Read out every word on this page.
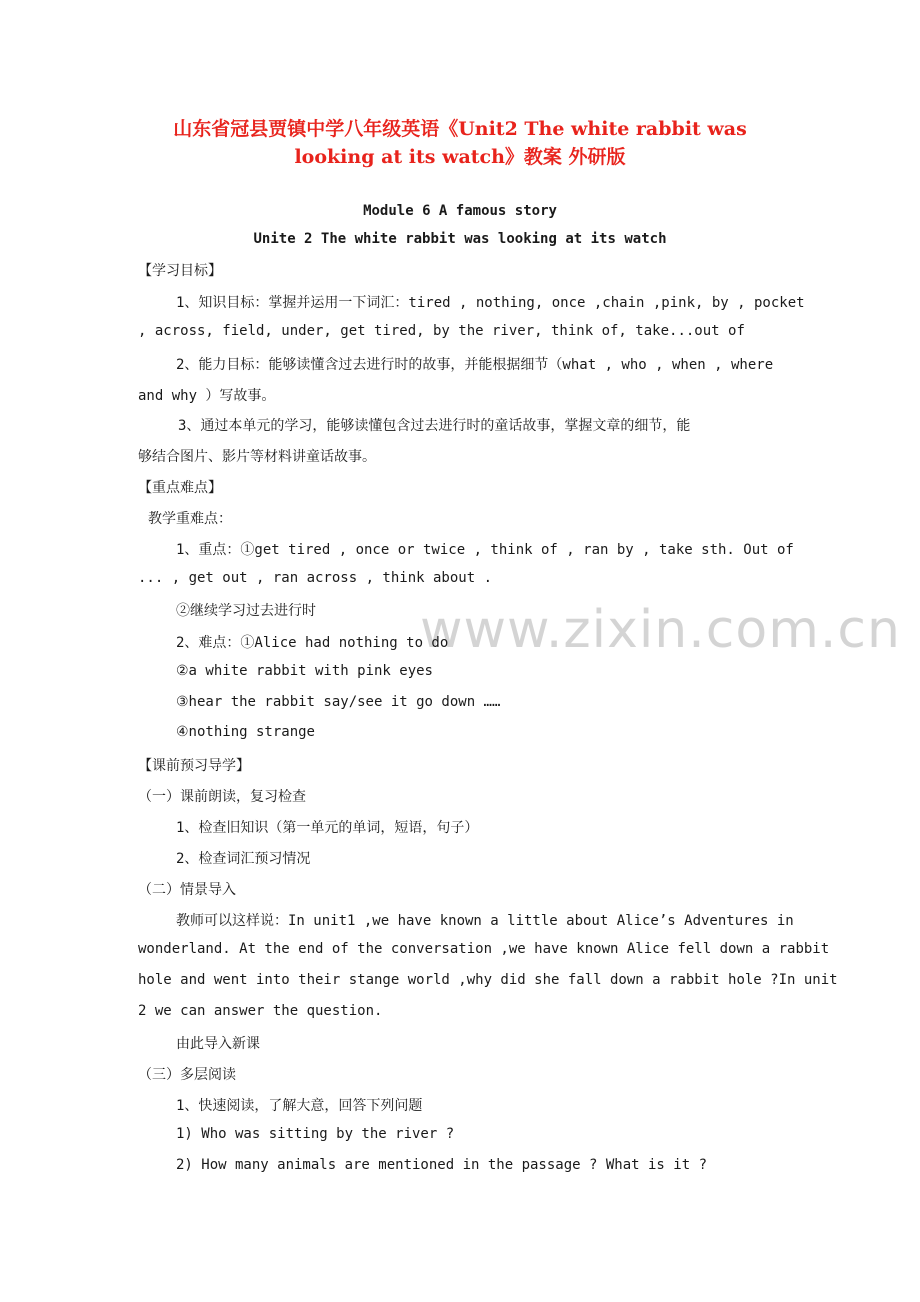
山东省冠县贾镇中学八年级英语《Unit2 The white rabbit was
looking at its watch》教案 外研版
Module 6 A famous story
Unite 2 The white rabbit was looking at its watch
www.zixin.com.cn
【学习目标】
1、知识目标：掌握并运用一下词汇：tired , nothing, once ,chain ,pink, by , pocket
, across, field, under, get tired, by the river, think of, take...out of
2、能力目标：能够读懂含过去进行时的故事，并能根据细节（what , who , when , where
and why ）写故事。
3、通过本单元的学习，能够读懂包含过去进行时的童话故事，掌握文章的细节，能
够结合图片、影片等材料讲童话故事。
【重点难点】
教学重难点：
1、重点：①get tired , once or twice , think of , ran by , take sth. Out of
... , get out , ran across , think about .
②继续学习过去进行时
2、难点：①Alice had nothing to do
②a white rabbit with pink eyes
③hear the rabbit say/see it go down ……
④nothing strange
【课前预习导学】
（一）课前朗读，复习检查
1、检查旧知识（第一单元的单词，短语，句子）
2、检查词汇预习情况
（二）情景导入
教师可以这样说：In unit1 ,we have known a little about Alice’s Adventures in
wonderland. At the end of the conversation ,we have known Alice fell down a rabbit
hole and went into their stange world ,why did she fall down a rabbit hole ?In unit
2 we can answer the question.
由此导入新课
（三）多层阅读
1、快速阅读，了解大意，回答下列问题
1) Who was sitting by the river ?
2) How many animals are mentioned in the passage ? What is it ?
